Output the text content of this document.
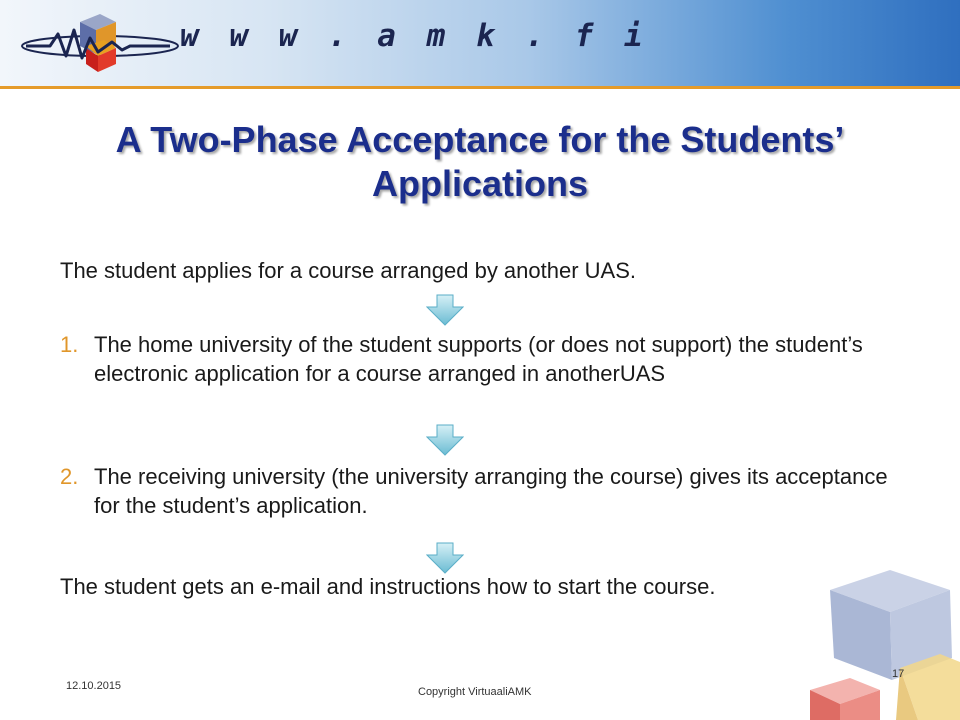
w w w . a m k . f i
A Two-Phase Acceptance for the Students’ Applications
The student applies for a course arranged by another UAS.
1. The home university of the student supports (or does not support) the student’s electronic application for a course arranged in anotherUAS
2. The receiving university (the university arranging the course) gives its acceptance for the student’s application.
The student gets an e-mail and instructions how to start the course.
12.10.2015	Copyright VirtuaaliAMK
17
